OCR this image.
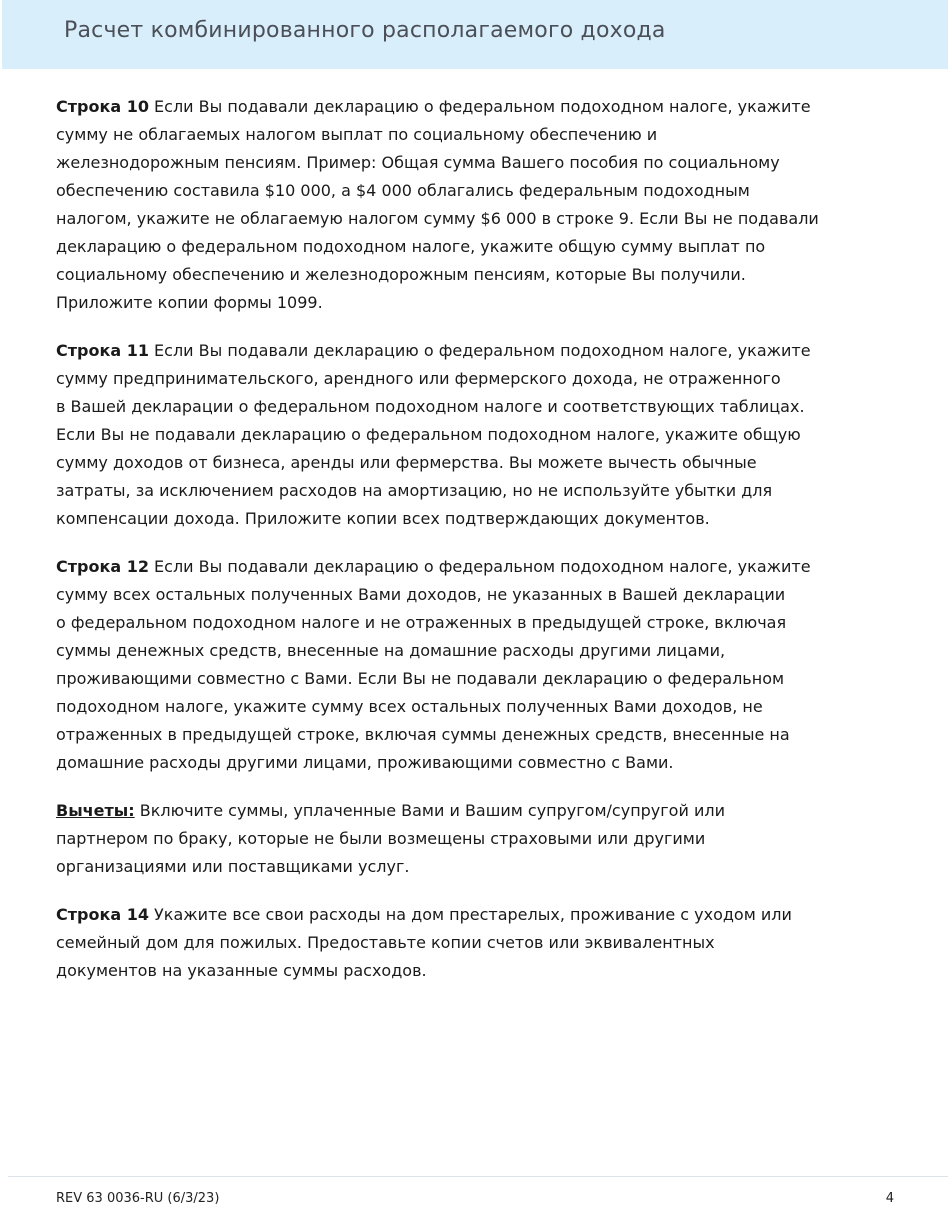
Расчет комбинированного располагаемого дохода

Строка 10 Если Вы подавали декларацию о федеральном подоходном налоге, укажите
сумму не облагаемых налогом выплат по социальному обеспечению и
железнодорожным пенсиям. Пример: Общая сумма Вашего пособия по социальному
обеспечению составила $10 000, а $4 000 облагались федеральным подоходным
налогом, укажите не облагаемую налогом сумму $6 000 в строке 9. Если Вы не подавали
декларацию о федеральном подоходном налоге, укажите общую сумму выплат по
социальному обеспечению и железнодорожным пенсиям, которые Вы получили.
Приложите копии формы 1099.

Строка 11 Если Вы подавали декларацию о федеральном подоходном налоге, укажите
сумму предпринимательского, арендного или фермерского дохода, не отраженного
в Вашей декларации о федеральном подоходном налоге и соответствующих таблицах.
Если Вы не подавали декларацию о федеральном подоходном налоге, укажите общую
сумму доходов от бизнеса, аренды или фермерства. Вы можете вычесть обычные
затраты, за исключением расходов на амортизацию, но не используйте убытки для
компенсации дохода. Приложите копии всех подтверждающих документов.

Строка 12 Если Вы подавали декларацию о федеральном подоходном налоге, укажите
сумму всех остальных полученных Вами доходов, не указанных в Вашей декларации
о федеральном подоходном налоге и не отраженных в предыдущей строке, включая
суммы денежных средств, внесенные на домашние расходы другими лицами,
проживающими совместно с Вами. Если Вы не подавали декларацию о федеральном
подоходном налоге, укажите сумму всех остальных полученных Вами доходов, не
отраженных в предыдущей строке, включая суммы денежных средств, внесенные на
домашние расходы другими лицами, проживающими совместно с Вами.

Вычеты: Включите суммы, уплаченные Вами и Вашим супругом/супругой или
партнером по браку, которые не были возмещены страховыми или другими
организациями или поставщиками услуг.

Строка 14 Укажите все свои расходы на дом престарелых, проживание с уходом или
семейный дом для пожилых. Предоставьте копии счетов или эквивалентных
документов на указанные суммы расходов.

REV 63 0036-RU (6/3/23)	4
